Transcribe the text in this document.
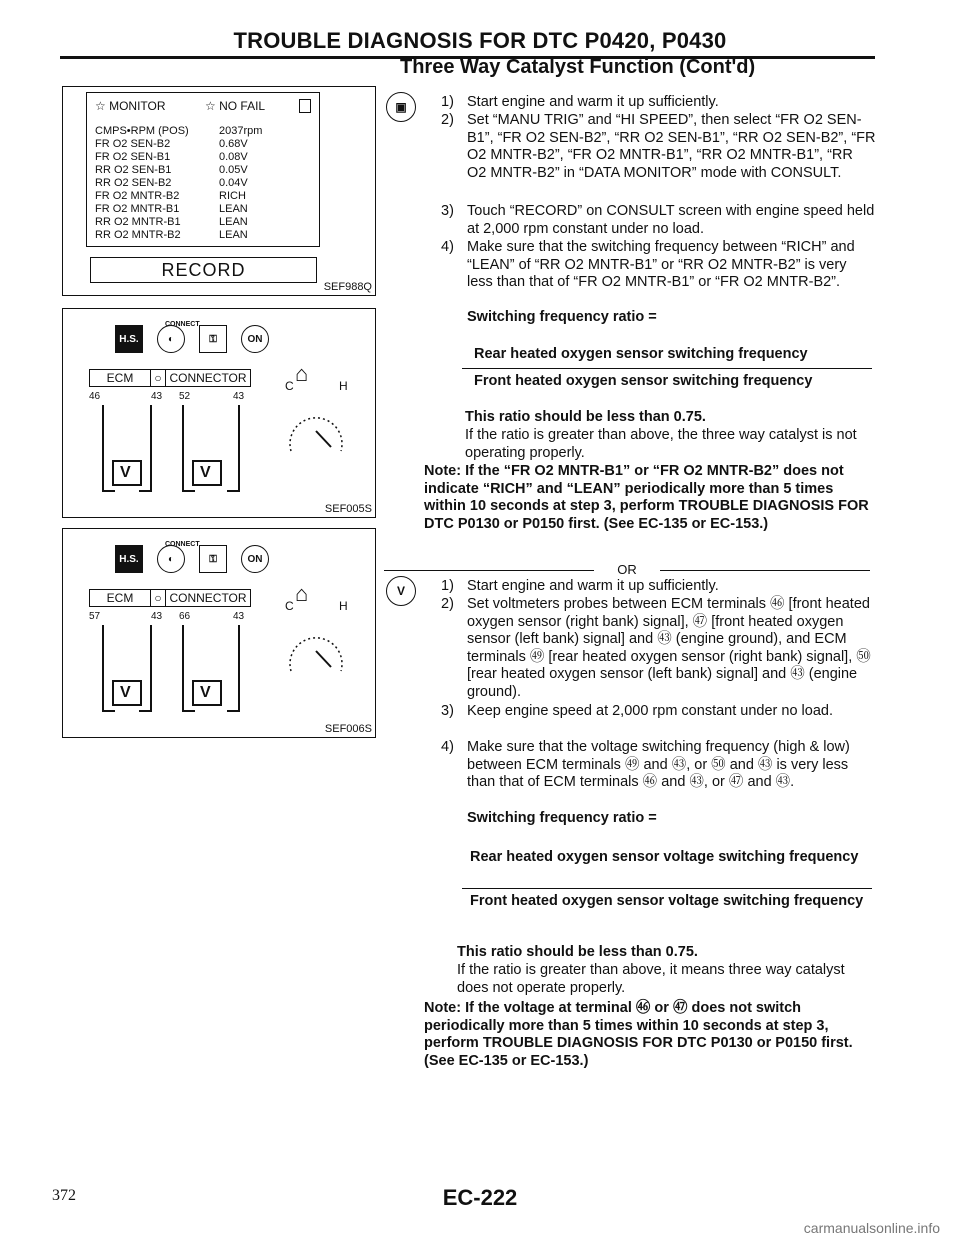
TROUBLE DIAGNOSIS FOR DTC P0420, P0430
Three Way Catalyst Function (Cont'd)
SEF988Q
☆ MONITOR	☆ NO FAIL
CMPS•RPM (POS)	2037rpm
FR O2 SEN-B2	0.68V
FR O2 SEN-B1	0.08V
RR O2 SEN-B1	0.05V
RR O2 SEN-B2	0.04V
FR O2 MNTR-B2	RICH
FR O2 MNTR-B1	LEAN
RR O2 MNTR-B1	LEAN
RR O2 MNTR-B2	LEAN
RECORD
SEF005S
H.S.	◐	⚿	ON
CONNECT
ECM	○ CONNECTOR
46	43 52	43
V	V
C ⌂	H
SEF006S
H.S.	◐	⚿	ON
CONNECT
ECM	○ CONNECTOR
57	43 66	43
V	V
C ⌂	H
▣	1) Start engine and warm it up sufficiently.
2) Set “MANU TRIG” and “HI SPEED”, then select “FR O2 SEN-B1”, “FR O2 SEN-B2”, “RR O2 SEN-B1”, “RR O2 SEN-B2”, “FR O2 MNTR-B2”, “FR O2 MNTR-B1”, “RR O2 MNTR-B1”, “RR O2 MNTR-B2” in “DATA MONITOR” mode with CONSULT.
3) Touch “RECORD” on CONSULT screen with engine speed held at 2,000 rpm constant under no load.
4) Make sure that the switching frequency between “RICH” and “LEAN” of “RR O2 MNTR-B1” or “RR O2 MNTR-B2” is very less than that of “FR O2 MNTR-B1” or “FR O2 MNTR-B2”.
Switching frequency ratio =
Rear heated oxygen sensor switching frequency
Front heated oxygen sensor switching frequency
This ratio should be less than 0.75.
If the ratio is greater than above, the three way catalyst is not operating properly.
Note: If the “FR O2 MNTR-B1” or “FR O2 MNTR-B2” does not indicate “RICH” and “LEAN” periodically more than 5 times within 10 seconds at step 3, perform TROUBLE DIAGNOSIS FOR DTC P0130 or P0150 first. (See EC-135 or EC-153.)
OR
V	1) Start engine and warm it up sufficiently.
2) Set voltmeters probes between ECM terminals ㊻ [front heated oxygen sensor (right bank) signal], ㊼ [front heated oxygen sensor (left bank) signal] and ㊸ (engine ground), and ECM terminals ㊾ [rear heated oxygen sensor (right bank) signal], ㊿ [rear heated oxygen sensor (left bank) signal] and ㊸ (engine ground).
3) Keep engine speed at 2,000 rpm constant under no load.
4) Make sure that the voltage switching frequency (high & low) between ECM terminals ㊾ and ㊸, or ㊿ and ㊸ is very less than that of ECM terminals ㊻ and ㊸, or ㊼ and ㊸.
Switching frequency ratio =
Rear heated oxygen sensor voltage switching frequency
Front heated oxygen sensor voltage switching frequency
This ratio should be less than 0.75.
If the ratio is greater than above, it means three way catalyst does not operate properly.
Note: If the voltage at terminal ㊻ or ㊼ does not switch periodically more than 5 times within 10 seconds at step 3, perform TROUBLE DIAGNOSIS FOR DTC P0130 or P0150 first. (See EC-135 or EC-153.)
372	EC-222
carmanualsonline.info
